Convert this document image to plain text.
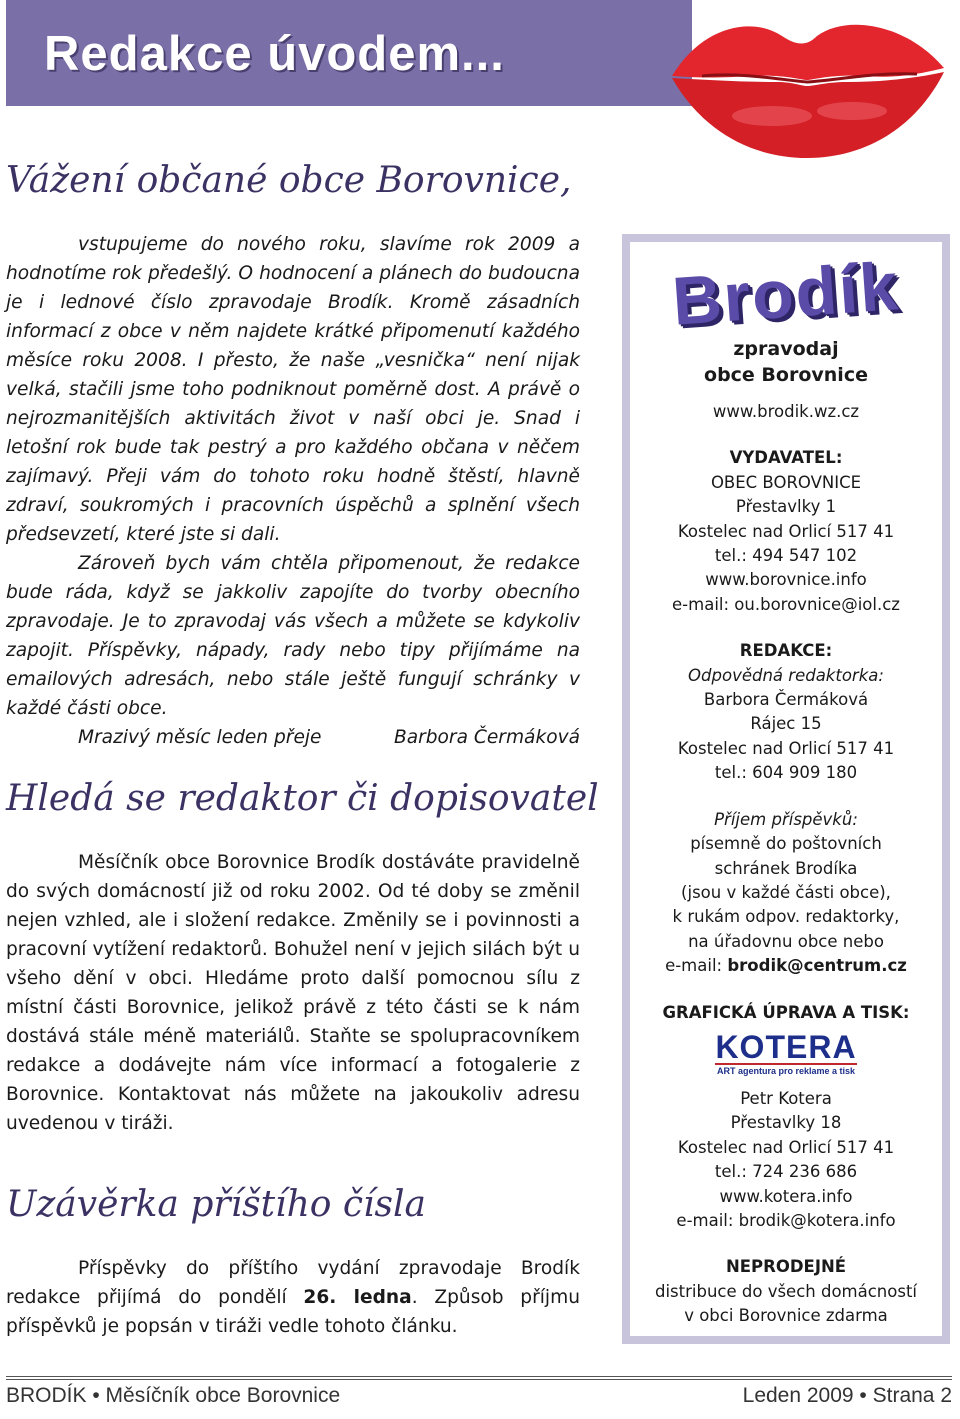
Redakce úvodem...
Vážení občané obce Borovnice,

vstupujeme do nového roku, slavíme rok 2009 a hodnotíme rok předešlý. O hodnocení a plánech do budoucna je i lednové číslo zpravodaje Brodík. Kromě zásadních informací z obce v něm najdete krátké připomenutí každého měsíce roku 2008. I přesto, že naše „vesnička“ není nijak velká, stačili jsme toho podniknout poměrně dost. A právě o nejrozmanitějších aktivitách život v naší obci je. Snad i letošní rok bude tak pestrý a pro každého občana v něčem zajímavý. Přeji vám do tohoto roku hodně štěstí, hlavně zdraví, soukromých i pracovních úspěchů a splnění všech předsevzetí, které jste si dali.

Zároveň bych vám chtěla připomenout, že redakce bude ráda, když se jakkoliv zapojíte do tvorby obecního zpravodaje. Je to zpravodaj vás všech a můžete se kdykoliv zapojit. Příspěvky, nápady, rady nebo tipy přijímáme na emailových adresách, nebo stále ještě fungují schránky v každé části obce.

Mrazivý měsíc leden přeje	Barbora Čermáková
Hledá se redaktor či dopisovatel

Měsíčník obce Borovnice Brodík dostáváte pravidelně do svých domácností již od roku 2002. Od té doby se změnil nejen vzhled, ale i složení redakce. Změnily se i povinnosti a pracovní vytížení redaktorů. Bohužel není v jejich silách být u všeho dění v obci. Hledáme proto další pomocnou sílu z místní části Borovnice, jelikož právě z této části se k nám dostává stále méně materiálů. Staňte se spolupracovníkem redakce a dodávejte nám více informací a fotogalerie z Borovnice. Kontaktovat nás můžete na jakoukoliv adresu uvedenou v tiráži.

Uzávěrka příštího čísla

Příspěvky do příštího vydání zpravodaje Brodík redakce přijímá do pondělí 26. ledna. Způsob příjmu příspěvků je popsán v tiráži vedle tohoto článku.

Brodík
zpravodaj
obce Borovnice
www.brodik.wz.cz
VYDAVATEL:
OBEC BOROVNICE
Přestavlky 1
Kostelec nad Orlicí 517 41
tel.: 494 547 102
www.borovnice.info
e-mail: ou.borovnice@iol.cz
REDAKCE:
Odpovědná redaktorka:
Barbora Čermáková
Rájec 15
Kostelec nad Orlicí 517 41
tel.: 604 909 180
Příjem příspěvků:
písemně do poštovních
schránek Brodíka
(jsou v každé části obce),
k rukám odpov. redaktorky,
na úřadovnu obce nebo
e-mail: brodik@centrum.cz
GRAFICKÁ ÚPRAVA A TISK:
KOTERA
ART agentura pro reklame a tisk
Petr Kotera
Přestavlky 18
Kostelec nad Orlicí 517 41
tel.: 724 236 686
www.kotera.info
e-mail: brodik@kotera.info
NEPRODEJNÉ
distribuce do všech domácností
v obci Borovnice zdarma
BRODÍK • Měsíčník obce Borovnice	Leden 2009 • Strana 2
